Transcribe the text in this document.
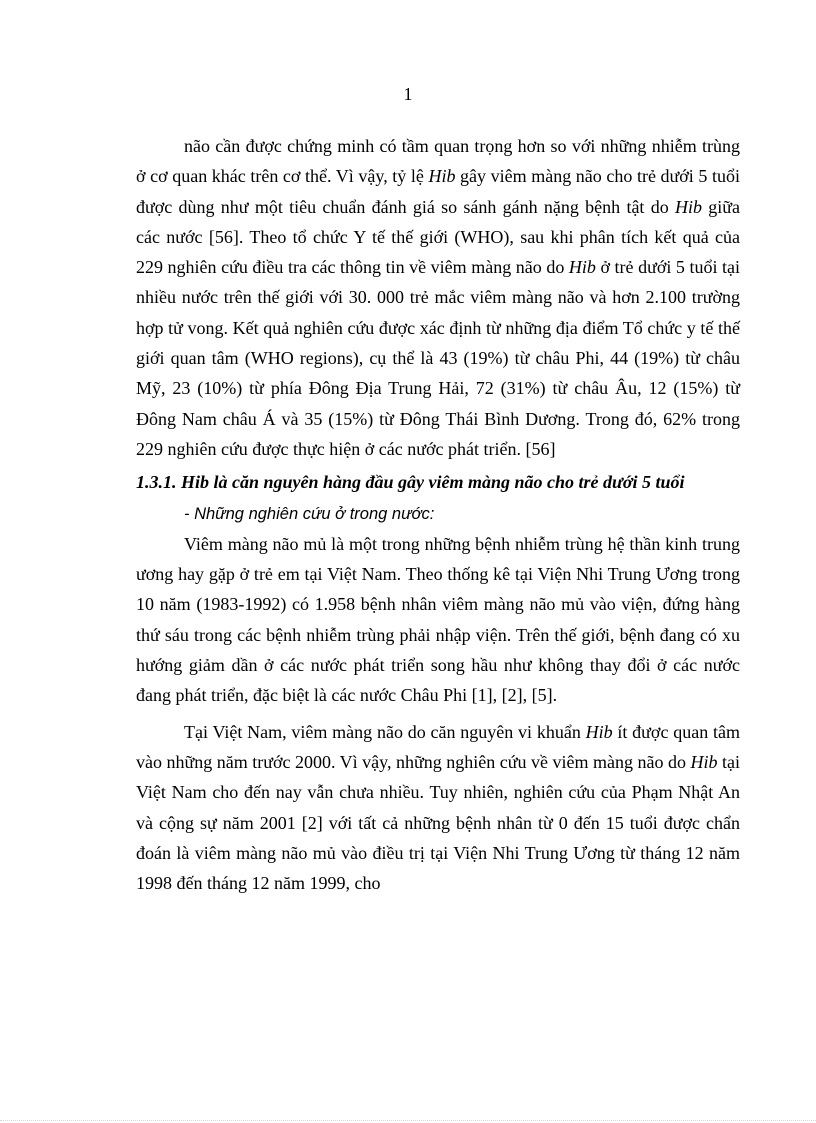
1

não cần được chứng minh có tầm quan trọng hơn so với những nhiễm trùng ở cơ quan khác trên cơ thể. Vì vậy, tỷ lệ Hib gây viêm màng não cho trẻ dưới 5 tuổi được dùng như một tiêu chuẩn đánh giá so sánh gánh nặng bệnh tật do Hib giữa các nước [56]. Theo tổ chức Y tế thế giới (WHO), sau khi phân tích kết quả của 229 nghiên cứu điều tra các thông tin về viêm màng não do Hib ở trẻ dưới 5 tuổi tại nhiều nước trên thế giới với 30. 000 trẻ mắc viêm màng não và hơn 2.100 trường hợp tử vong. Kết quả nghiên cứu được xác định từ những địa điểm Tổ chức y tế thế giới quan tâm (WHO regions), cụ thể là 43 (19%) từ châu Phi, 44 (19%) từ châu Mỹ, 23 (10%) từ phía Đông Địa Trung Hải, 72 (31%) từ châu Âu, 12 (15%) từ Đông Nam châu Á và 35 (15%) từ Đông Thái Bình Dương. Trong đó, 62% trong 229 nghiên cứu được thực hiện ở các nước phát triển. [56]

1.3.1. Hib là căn nguyên hàng đầu gây viêm màng não cho trẻ dưới 5 tuổi

- Những nghiên cứu ở trong nước:

Viêm màng não mủ là một trong những bệnh nhiễm trùng hệ thần kinh trung ương hay gặp ở trẻ em tại Việt Nam. Theo thống kê tại Viện Nhi Trung Ương trong 10 năm (1983-1992) có 1.958 bệnh nhân viêm màng não mủ vào viện, đứng hàng thứ sáu trong các bệnh nhiễm trùng phải nhập viện. Trên thế giới, bệnh đang có xu hướng giảm dần ở các nước phát triển song hầu như không thay đổi ở các nước đang phát triển, đặc biệt là các nước Châu Phi [1], [2], [5].

Tại Việt Nam, viêm màng não do căn nguyên vi khuẩn Hib ít được quan tâm vào những năm trước 2000. Vì vậy, những nghiên cứu về viêm màng não do Hib tại Việt Nam cho đến nay vẫn chưa nhiều. Tuy nhiên, nghiên cứu của Phạm Nhật An và cộng sự năm 2001 [2] với tất cả những bệnh nhân từ 0 đến 15 tuổi được chẩn đoán là viêm màng não mủ vào điều trị tại Viện Nhi Trung Ương từ tháng 12 năm 1998 đến tháng 12 năm 1999, cho
